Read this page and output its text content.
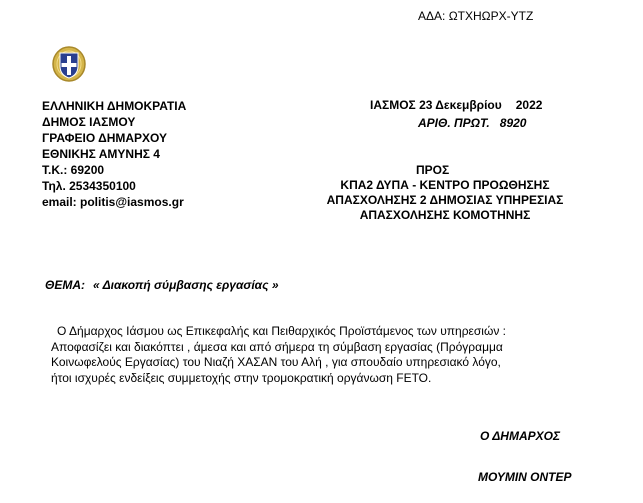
ΑΔΑ: ΩΤΧΗΩΡΧ-ΥΤΖ
ΕΛΛΗΝΙΚΗ ΔΗΜΟΚΡΑΤΙΑ
ΔΗΜΟΣ ΙΑΣΜΟΥ
ΓΡΑΦΕΙΟ ΔΗΜΑΡΧΟΥ
ΕΘΝΙΚΗΣ ΑΜΥΝΗΣ 4
Τ.Κ.: 69200
Τηλ. 2534350100
email: politis@iasmos.gr
ΙΑΣΜΟΣ 23 Δεκεμβρίου 2022
ΑΡΙΘ. ΠΡΩΤ. 8920
ΠΡΟΣ
ΚΠΑ2 ΔΥΠΑ - ΚΕΝΤΡΟ ΠΡΟΩΘΗΣΗΣ
ΑΠΑΣΧΟΛΗΣΗΣ 2 ΔΗΜΟΣΙΑΣ ΥΠΗΡΕΣΙΑΣ
ΑΠΑΣΧΟΛΗΣΗΣ ΚΟΜΟΤΗΝΗΣ
ΘΕΜΑ: « Διακοπή σύμβασης εργασίας »
Ο Δήμαρχος Ιάσμου ως Επικεφαλής και Πειθαρχικός Προϊστάμενος των υπηρεσιών :
Αποφασίζει και διακόπτει , άμεσα και από σήμερα τη σύμβαση εργασίας (Πρόγραμμα
Κοινωφελούς Εργασίας) του Νιαζή ΧΑΣΑΝ του Αλή , για σπουδαίο υπηρεσιακό λόγο,
ήτοι ισχυρές ενδείξεις συμμετοχής στην τρομοκρατική οργάνωση FETO.
Ο ΔΗΜΑΡΧΟΣ
ΜΟΥΜΙΝ ΟΝΤΕΡ
